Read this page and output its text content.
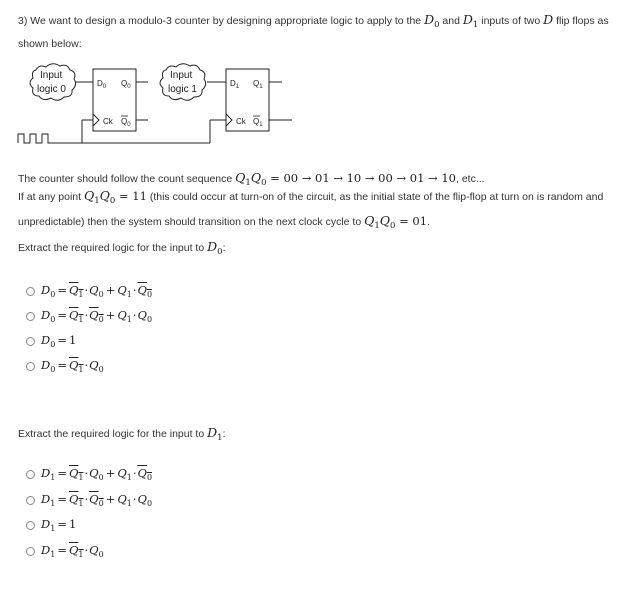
3) We want to design a modulo-3 counter by designing appropriate logic to apply to the $D_0$ and $D_1$ inputs of two D flip flops as shown below:

Input
logic 0
Input
logic 1
$D_0$ $Q_0$
Ck $Q_0$
$D_1$ $Q_1$
Ck $Q_1$

The counter should follow the count sequence $Q_1Q_0 = 00 \to 01 \to 10 \to 00 \to 01 \to 10$, etc...

If at any point $Q_1Q_0 = 11$ (this could occur at turn-on of the circuit, as the initial state of the flip-flop at turn on is random and unpredictable) then the system should transition on the next clock cycle to $Q_1Q_0 = 01$.

Extract the required logic for the input to $D_0$:

$D_0 = Q_1\cdot Q_0 + Q_1\cdot Q_0$
$D_0 = Q_1\cdot Q_0 + Q_1\cdot Q_0$
$D_0 = 1$
$D_0 = Q_1\cdot Q_0$

Extract the required logic for the input to $D_1$:

$D_1 = Q_1\cdot Q_0 + Q_1\cdot Q_0$
$D_1 = Q_1\cdot Q_0 + Q_1\cdot Q_0$
$D_1 = 1$
$D_1 = Q_1\cdot Q_0$
